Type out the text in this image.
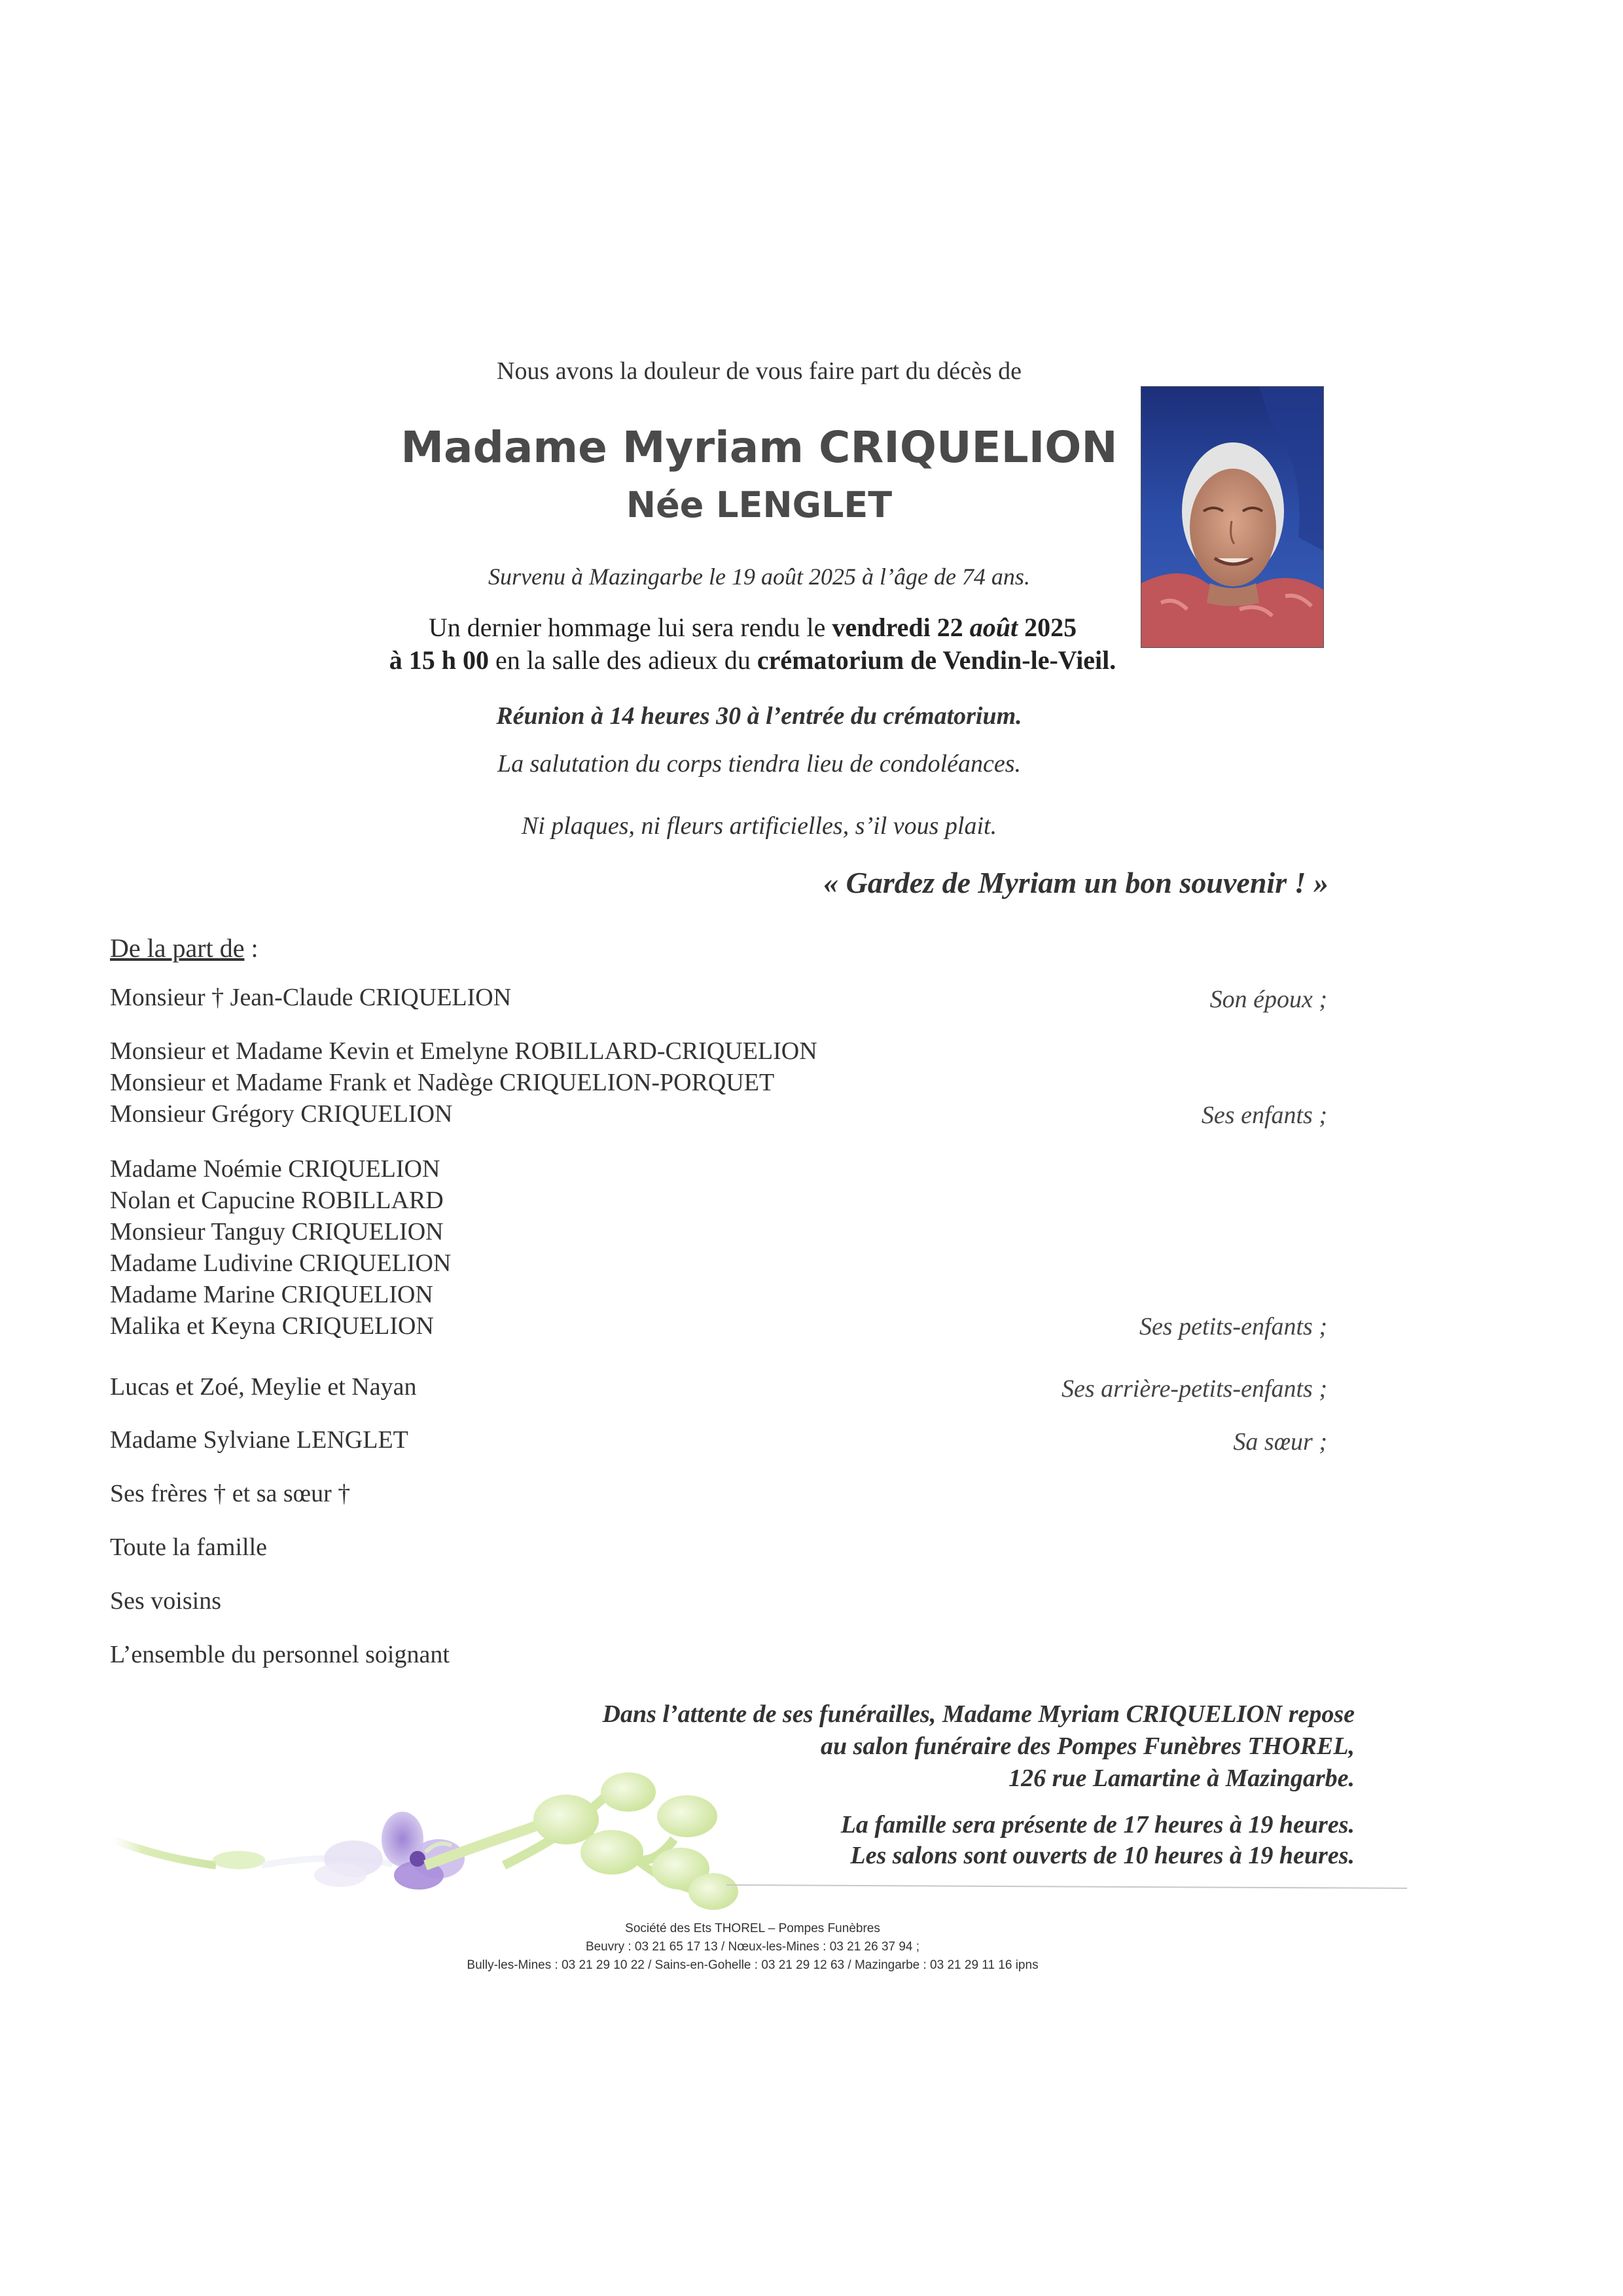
Nous avons la douleur de vous faire part du décès de
Madame Myriam CRIQUELION
Née LENGLET
Survenu à Mazingarbe le 19 août 2025 à l’âge de 74 ans.
Un dernier hommage lui sera rendu le vendredi 22 août 2025
à 15 h 00 en la salle des adieux du crématorium de Vendin-le-Vieil.
Réunion à 14 heures 30 à l’entrée du crématorium.
La salutation du corps tiendra lieu de condoléances.
Ni plaques, ni fleurs artificielles, s’il vous plait.
« Gardez de Myriam un bon souvenir ! »
De la part de :
Monsieur † Jean-Claude CRIQUELION	Son époux ;
Monsieur et Madame Kevin et Emelyne ROBILLARD-CRIQUELION
Monsieur et Madame Frank et Nadège CRIQUELION-PORQUET
Monsieur Grégory CRIQUELION	Ses enfants ;
Madame Noémie CRIQUELION
Nolan et Capucine ROBILLARD
Monsieur Tanguy CRIQUELION
Madame Ludivine CRIQUELION
Madame Marine CRIQUELION
Malika et Keyna CRIQUELION	Ses petits-enfants ;
Lucas et Zoé, Meylie et Nayan	Ses arrière-petits-enfants ;
Madame Sylviane LENGLET	Sa sœur ;
Ses frères † et sa sœur †
Toute la famille
Ses voisins
L’ensemble du personnel soignant
Dans l’attente de ses funérailles, Madame Myriam CRIQUELION repose
au salon funéraire des Pompes Funèbres THOREL,
126 rue Lamartine à Mazingarbe.
La famille sera présente de 17 heures à 19 heures.
Les salons sont ouverts de 10 heures à 19 heures.
Société des Ets THOREL – Pompes Funèbres
Beuvry : 03 21 65 17 13 / Nœux-les-Mines : 03 21 26 37 94 ;
Bully-les-Mines : 03 21 29 10 22 / Sains-en-Gohelle : 03 21 29 12 63 / Mazingarbe : 03 21 29 11 16 ipns
